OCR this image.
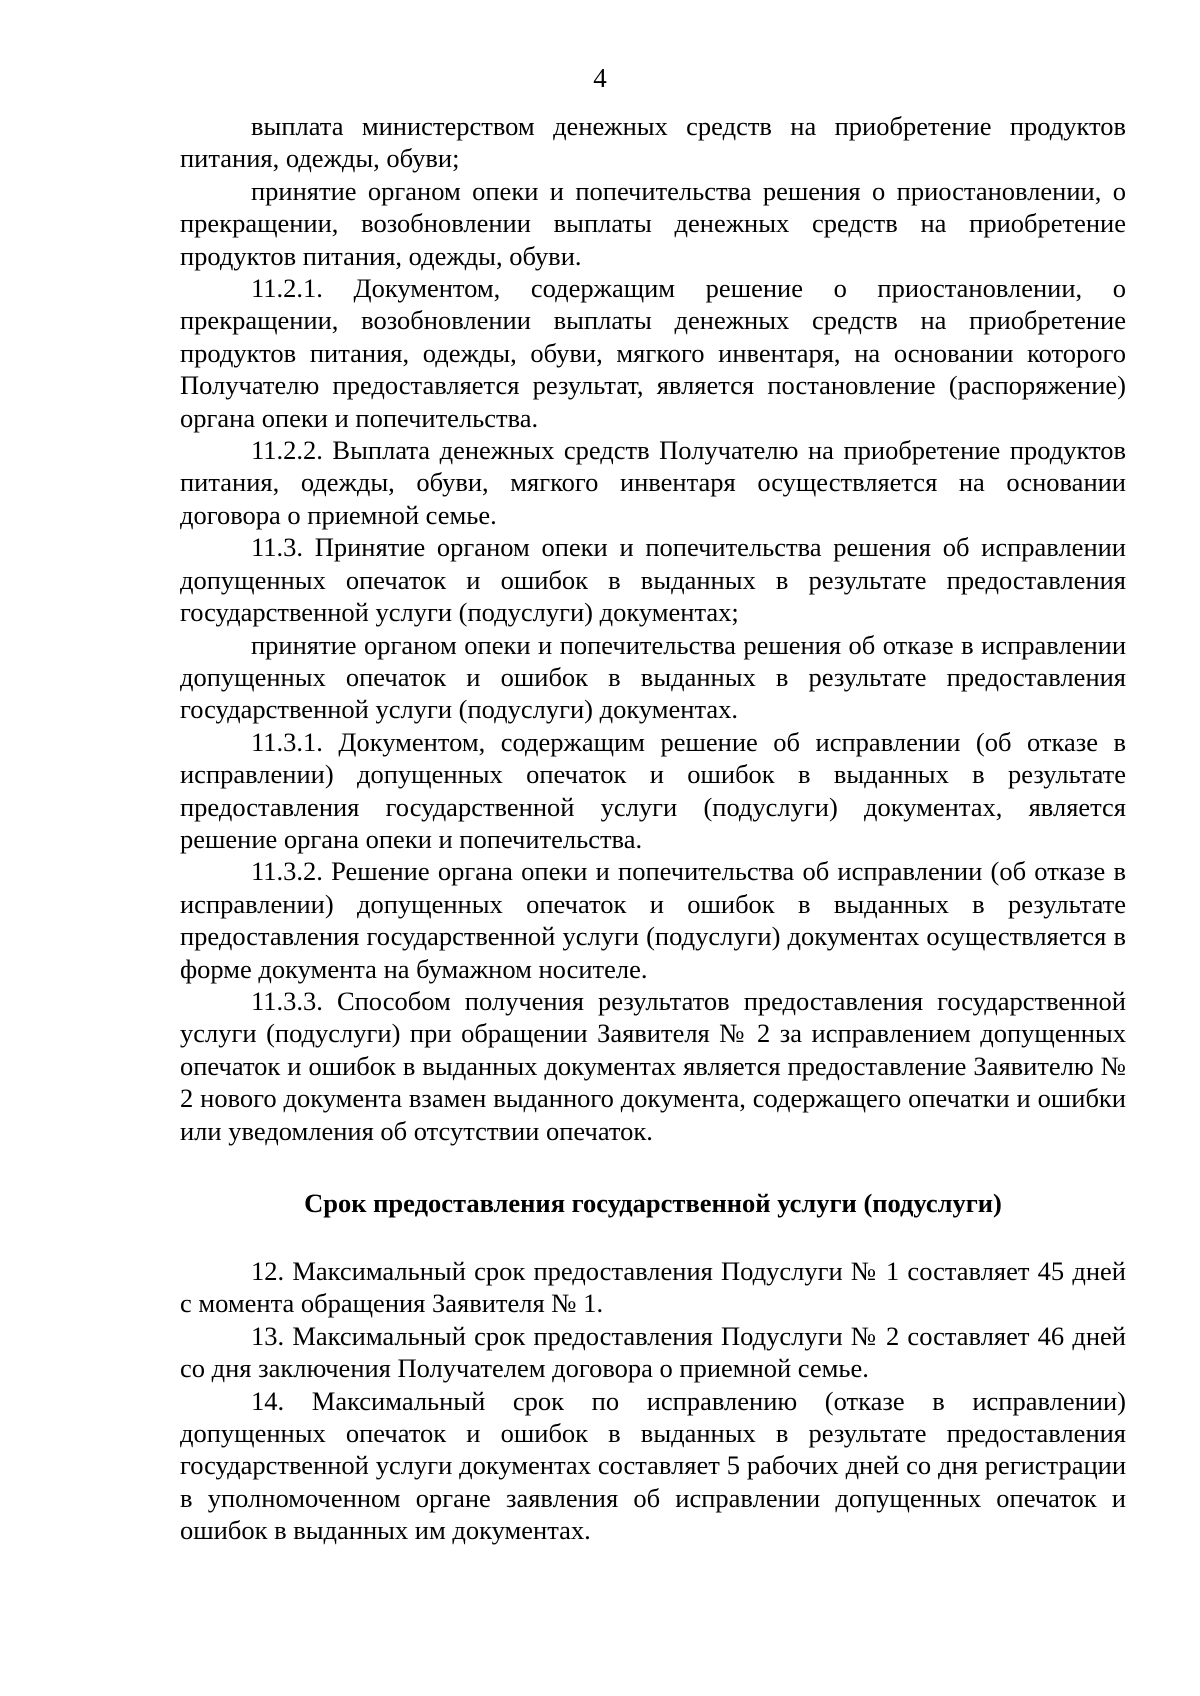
4

выплата министерством денежных средств на приобретение продуктов питания, одежды, обуви;

принятие органом опеки и попечительства решения о приостановлении, о прекращении, возобновлении выплаты денежных средств на приобретение продуктов питания, одежды, обуви.

11.2.1. Документом, содержащим решение о приостановлении, о прекращении, возобновлении выплаты денежных средств на приобретение продуктов питания, одежды, обуви, мягкого инвентаря, на основании которого Получателю предоставляется результат, является постановление (распоряжение) органа опеки и попечительства.

11.2.2. Выплата денежных средств Получателю на приобретение продуктов питания, одежды, обуви, мягкого инвентаря осуществляется на основании договора о приемной семье.

11.3. Принятие органом опеки и попечительства решения об исправлении допущенных опечаток и ошибок в выданных в результате предоставления государственной услуги (подуслуги) документах;

принятие органом опеки и попечительства решения об отказе в исправлении допущенных опечаток и ошибок в выданных в результате предоставления государственной услуги (подуслуги) документах.

11.3.1. Документом, содержащим решение об исправлении (об отказе в исправлении) допущенных опечаток и ошибок в выданных в результате предоставления государственной услуги (подуслуги) документах, является решение органа опеки и попечительства.

11.3.2. Решение органа опеки и попечительства об исправлении (об отказе в исправлении) допущенных опечаток и ошибок в выданных в результате предоставления государственной услуги (подуслуги) документах осуществляется в форме документа на бумажном носителе.

11.3.3. Способом получения результатов предоставления государственной услуги (подуслуги) при обращении Заявителя № 2 за исправлением допущенных опечаток и ошибок в выданных документах является предоставление Заявителю № 2 нового документа взамен выданного документа, содержащего опечатки и ошибки или уведомления об отсутствии опечаток.

Срок предоставления государственной услуги (подуслуги)

12. Максимальный срок предоставления Подуслуги № 1 составляет 45 дней с момента обращения Заявителя № 1.

13. Максимальный срок предоставления Подуслуги № 2 составляет 46 дней со дня заключения Получателем договора о приемной семье.

14. Максимальный срок по исправлению (отказе в исправлении) допущенных опечаток и ошибок в выданных в результате предоставления государственной услуги документах составляет 5 рабочих дней со дня регистрации в уполномоченном органе заявления об исправлении допущенных опечаток и ошибок в выданных им документах.
